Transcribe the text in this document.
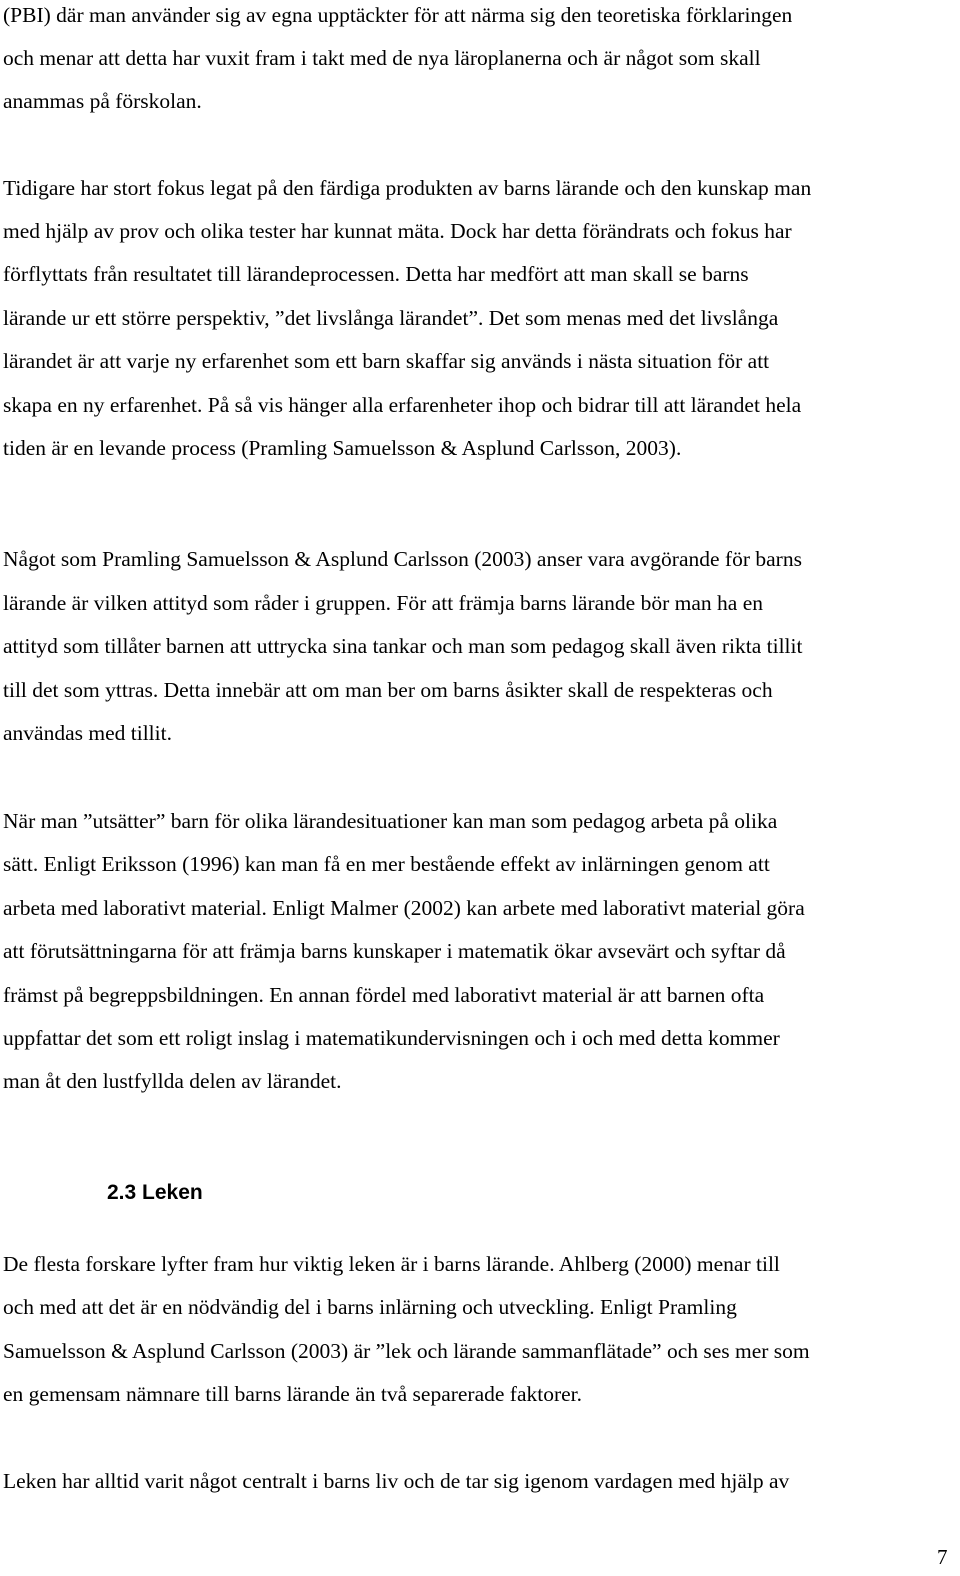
(PBI) där man använder sig av egna upptäckter för att närma sig den teoretiska förklaringen

och menar att detta har vuxit fram i takt med de nya läroplanerna och är något som skall

anammas på förskolan.

Tidigare har stort fokus legat på den färdiga produkten av barns lärande och den kunskap man

med hjälp av prov och olika tester har kunnat mäta. Dock har detta förändrats och fokus har

förflyttats från resultatet till lärandeprocessen. Detta har medfört att man skall se barns

lärande ur ett större perspektiv, ”det livslånga lärandet”. Det som menas med det livslånga

lärandet är att varje ny erfarenhet som ett barn skaffar sig används i nästa situation för att

skapa en ny erfarenhet. På så vis hänger alla erfarenheter ihop och bidrar till att lärandet hela

tiden är en levande process (Pramling Samuelsson & Asplund Carlsson, 2003).

Något som Pramling Samuelsson & Asplund Carlsson (2003) anser vara avgörande för barns

lärande är vilken attityd som råder i gruppen. För att främja barns lärande bör man ha en

attityd som tillåter barnen att uttrycka sina tankar och man som pedagog skall även rikta tillit

till det som yttras. Detta innebär att om man ber om barns åsikter skall de respekteras och

användas med tillit.

När man ”utsätter” barn för olika lärandesituationer kan man som pedagog arbeta på olika

sätt. Enligt Eriksson (1996) kan man få en mer bestående effekt av inlärningen genom att

arbeta med laborativt material. Enligt Malmer (2002) kan arbete med laborativt material göra

att förutsättningarna för att främja barns kunskaper i matematik ökar avsevärt och syftar då

främst på begreppsbildningen. En annan fördel med laborativt material är att barnen ofta

uppfattar det som ett roligt inslag i matematikundervisningen och i och med detta kommer

man åt den lustfyllda delen av lärandet.

2.3 Leken

De flesta forskare lyfter fram hur viktig leken är i barns lärande. Ahlberg (2000) menar till

och med att det är en nödvändig del i barns inlärning och utveckling. Enligt Pramling

Samuelsson & Asplund Carlsson (2003) är ”lek och lärande sammanflätade” och ses mer som

en gemensam nämnare till barns lärande än två separerade faktorer.

Leken har alltid varit något centralt i barns liv och de tar sig igenom vardagen med hjälp av

7
